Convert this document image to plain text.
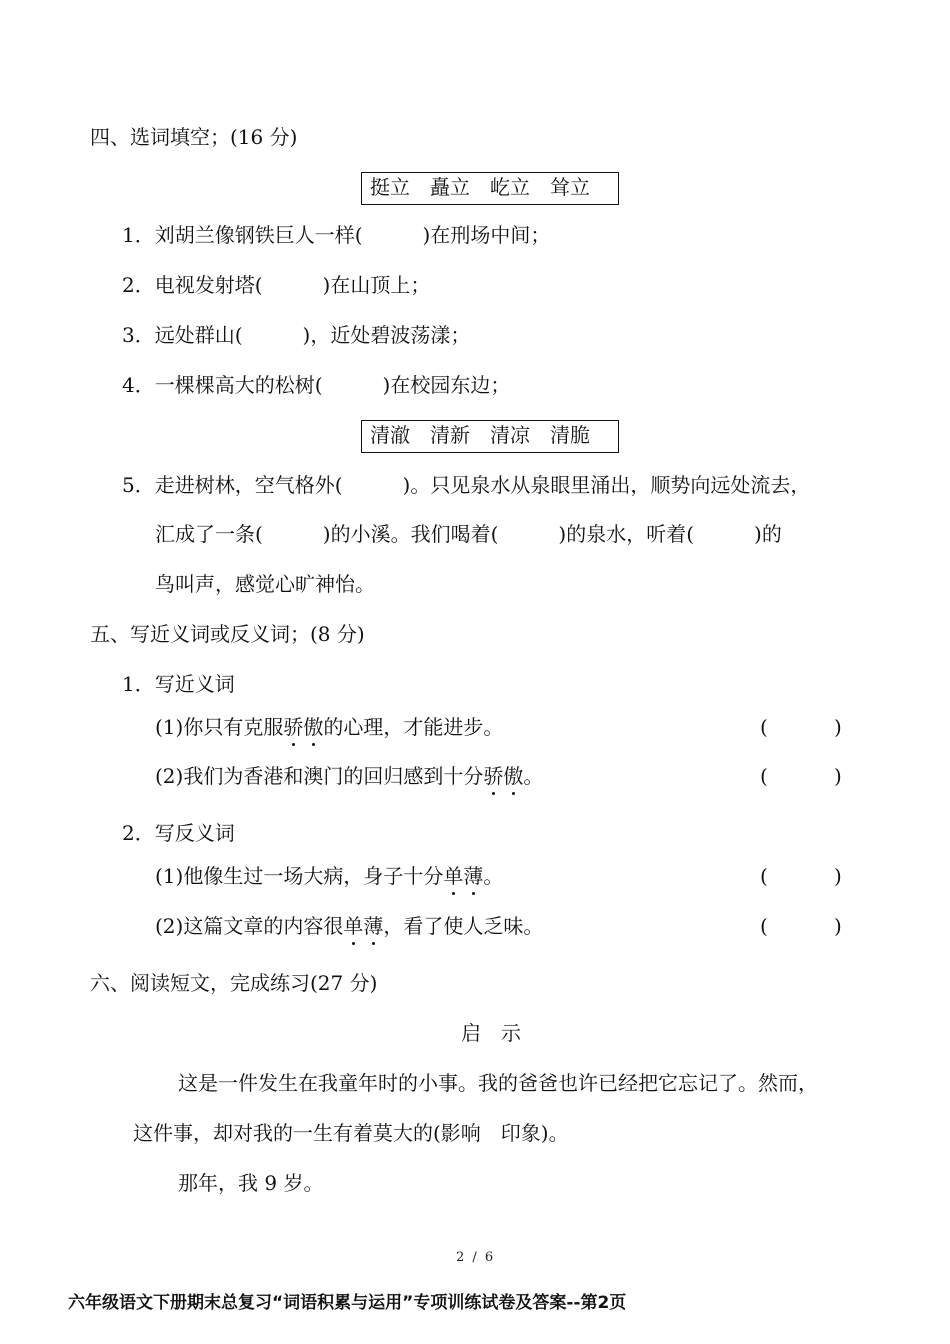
四、选词填空；(16 分)
挺立　矗立　屹立　耸立
1．刘胡兰像钢铁巨人一样(　　　)在刑场中间；
2．电视发射塔(　　　)在山顶上；
3．远处群山(　　　)，近处碧波荡漾；
4．一棵棵高大的松树(　　　)在校园东边；
清澈　清新　清凉　清脆
5．走进树林，空气格外(　　　)。只见泉水从泉眼里涌出，顺势向远处流去，
汇成了一条(　　　)的小溪。我们喝着(　　　)的泉水，听着(　　　)的
鸟叫声，感觉心旷神怡。
五、写近义词或反义词；(8 分)
1．写近义词
(1)你只有克服骄傲的心理，才能进步。	(	)
(2)我们为香港和澳门的回归感到十分骄傲。	(	)
2．写反义词
(1)他像生过一场大病，身子十分单薄。	(	)
(2)这篇文章的内容很单薄，看了使人乏味。	(	)
六、阅读短文，完成练习(27 分)
启　示
这是一件发生在我童年时的小事。我的爸爸也许已经把它忘记了。然而，
这件事，却对我的一生有着莫大的(影响　印象)。
那年，我 9 岁。
2 / 6
六年级语文下册期末总复习“词语积累与运用”专项训练试卷及答案--第2页
